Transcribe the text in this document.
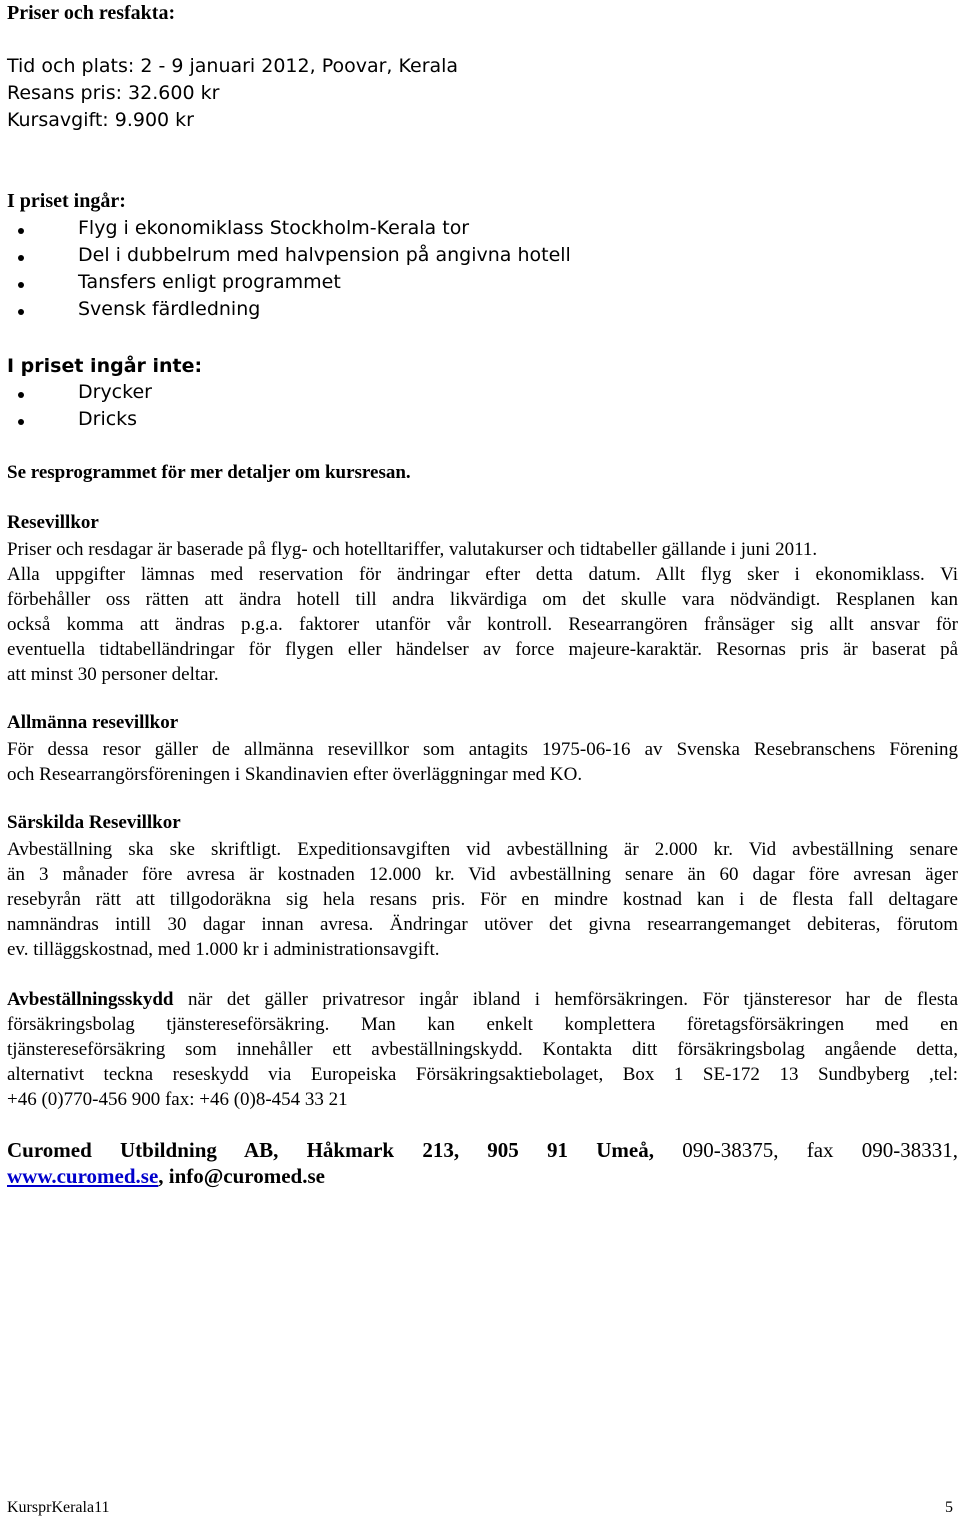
Priser och resfakta:
Tid och plats: 2 - 9 januari 2012, Poovar, Kerala
Resans pris: 32.600 kr
Kursavgift: 9.900 kr
I priset ingår:
Flyg i ekonomiklass Stockholm-Kerala tor
Del i dubbelrum med halvpension på angivna hotell
Tansfers enligt programmet
Svensk färdledning
I priset ingår inte:
Drycker
Dricks
Se resprogrammet för mer detaljer om kursresan.
Resevillkor
Priser och resdagar är baserade på flyg- och hotelltariffer, valutakurser och tidtabeller gällande i juni 2011.
Alla uppgifter lämnas med reservation för ändringar efter detta datum. Allt flyg sker i ekonomiklass. Vi
förbehåller oss rätten att ändra hotell till andra likvärdiga om det skulle vara nödvändigt. Resplanen kan
också komma att ändras p.g.a. faktorer utanför vår kontroll. Researrangören frånsäger sig allt ansvar för
eventuella tidtabelländringar för flygen eller händelser av force majeure-karaktär. Resornas pris är baserat på
att minst 30 personer deltar.
Allmänna resevillkor
För dessa resor gäller de allmänna resevillkor som antagits 1975-06-16 av Svenska Resebranschens Förening
och Researrangörsföreningen i Skandinavien efter överläggningar med KO.
Särskilda Resevillkor
Avbeställning ska ske skriftligt. Expeditionsavgiften vid avbeställning är 2.000 kr. Vid avbeställning senare
än 3 månader före avresa är kostnaden 12.000 kr. Vid avbeställning senare än 60 dagar före avresan äger
resebyrån rätt att tillgodoräkna sig hela resans pris. För en mindre kostnad kan i de flesta fall deltagare
namnändras intill 30 dagar innan avresa. Ändringar utöver det givna researrangemanget debiteras, förutom
ev. tilläggskostnad, med 1.000 kr i administrationsavgift.
Avbeställningsskydd när det gäller privatresor ingår ibland i hemförsäkringen. För tjänsteresor har de flesta
försäkringsbolag tjänstereseförsäkring. Man kan enkelt komplettera företagsförsäkringen med en
tjänstereseförsäkring som innehåller ett avbeställningskydd. Kontakta ditt försäkringsbolag angående detta,
alternativt teckna reseskydd via Europeiska Försäkringsaktiebolaget, Box 1 SE-172 13 Sundbyberg ,tel:
+46 (0)770-456 900 fax: +46 (0)8-454 33 21
Curomed Utbildning AB, Håkmark 213, 905 91 Umeå, 090-38375, fax 090-38331,
www.curomed.se, info@curomed.se
KursprKerala11	5
